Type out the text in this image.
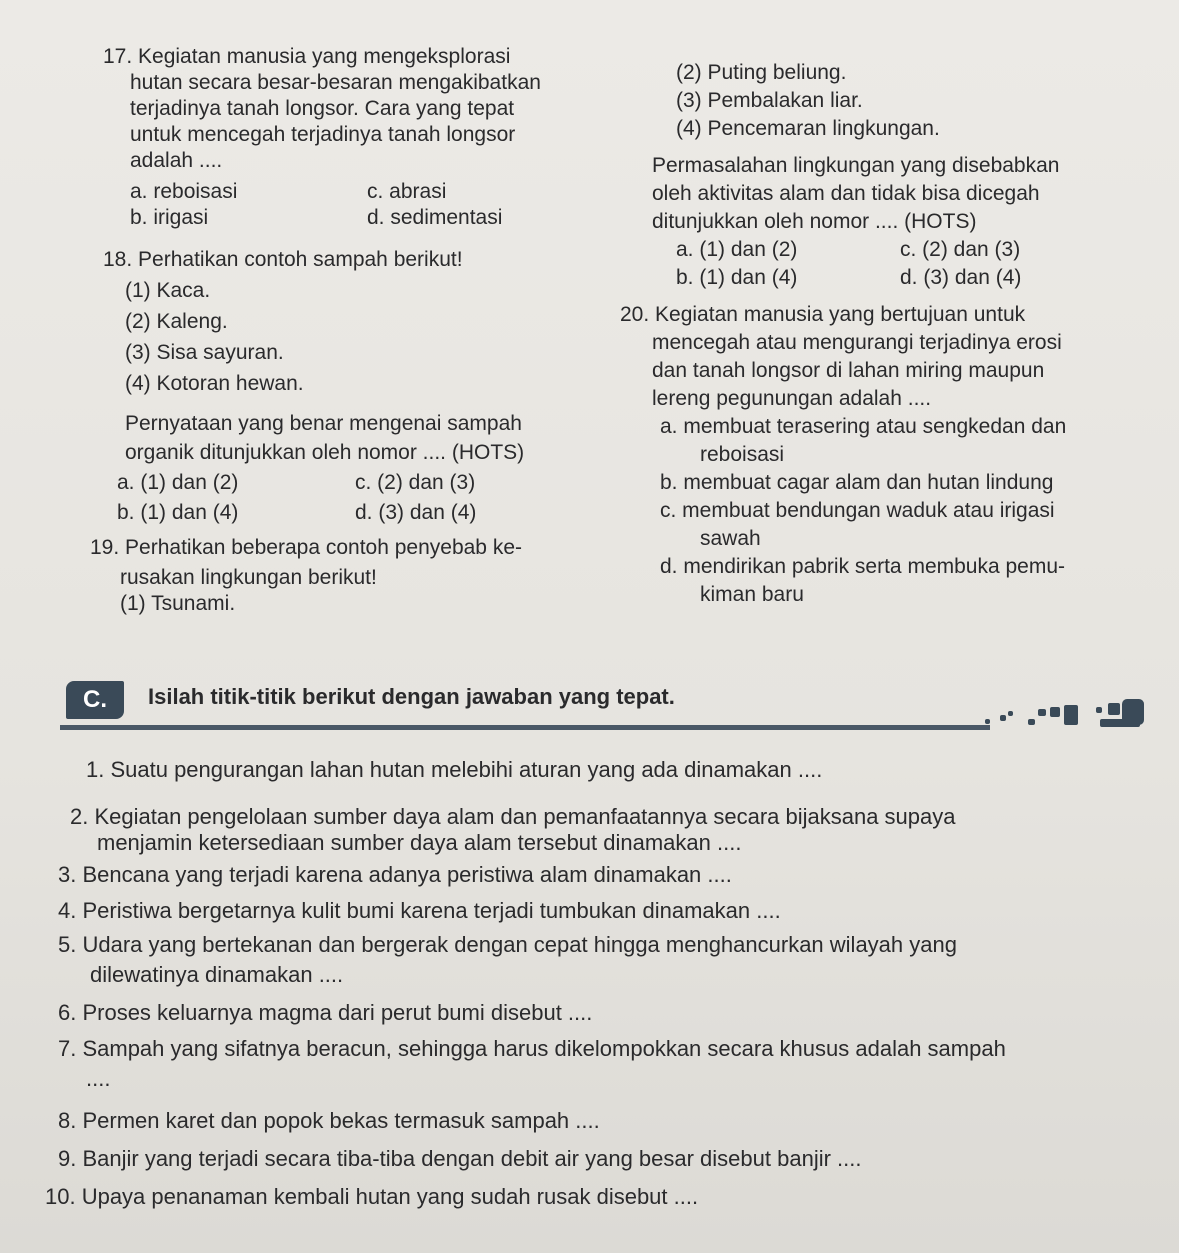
17. Kegiatan manusia yang mengeksplorasi
hutan secara besar-besaran mengakibatkan
terjadinya tanah longsor. Cara yang tepat
untuk mencegah terjadinya tanah longsor
adalah ....
a. reboisasi	c. abrasi
b. irigasi	d. sedimentasi
18. Perhatikan contoh sampah berikut!
(1) Kaca.
(2) Kaleng.
(3) Sisa sayuran.
(4) Kotoran hewan.
Pernyataan yang benar mengenai sampah
organik ditunjukkan oleh nomor .... (HOTS)
a. (1) dan (2)	c. (2) dan (3)
b. (1) dan (4)	d. (3) dan (4)
19. Perhatikan beberapa contoh penyebab ke-
rusakan lingkungan berikut!
(1) Tsunami.
(2) Puting beliung.
(3) Pembalakan liar.
(4) Pencemaran lingkungan.
Permasalahan lingkungan yang disebabkan
oleh aktivitas alam dan tidak bisa dicegah
ditunjukkan oleh nomor .... (HOTS)
a. (1) dan (2)	c. (2) dan (3)
b. (1) dan (4)	d. (3) dan (4)
20. Kegiatan manusia yang bertujuan untuk
mencegah atau mengurangi terjadinya erosi
dan tanah longsor di lahan miring maupun
lereng pegunungan adalah ....
a. membuat terasering atau sengkedan dan
reboisasi
b. membuat cagar alam dan hutan lindung
c. membuat bendungan waduk atau irigasi
sawah
d. mendirikan pabrik serta membuka pemu-
kiman baru
C.	Isilah titik-titik berikut dengan jawaban yang tepat.
1. Suatu pengurangan lahan hutan melebihi aturan yang ada dinamakan ....
2. Kegiatan pengelolaan sumber daya alam dan pemanfaatannya secara bijaksana supaya
menjamin ketersediaan sumber daya alam tersebut dinamakan ....
3. Bencana yang terjadi karena adanya peristiwa alam dinamakan ....
4. Peristiwa bergetarnya kulit bumi karena terjadi tumbukan dinamakan ....
5. Udara yang bertekanan dan bergerak dengan cepat hingga menghancurkan wilayah yang
dilewatinya dinamakan ....
6. Proses keluarnya magma dari perut bumi disebut ....
7. Sampah yang sifatnya beracun, sehingga harus dikelompokkan secara khusus adalah sampah
....
8. Permen karet dan popok bekas termasuk sampah ....
9. Banjir yang terjadi secara tiba-tiba dengan debit air yang besar disebut banjir ....
10. Upaya penanaman kembali hutan yang sudah rusak disebut ....
